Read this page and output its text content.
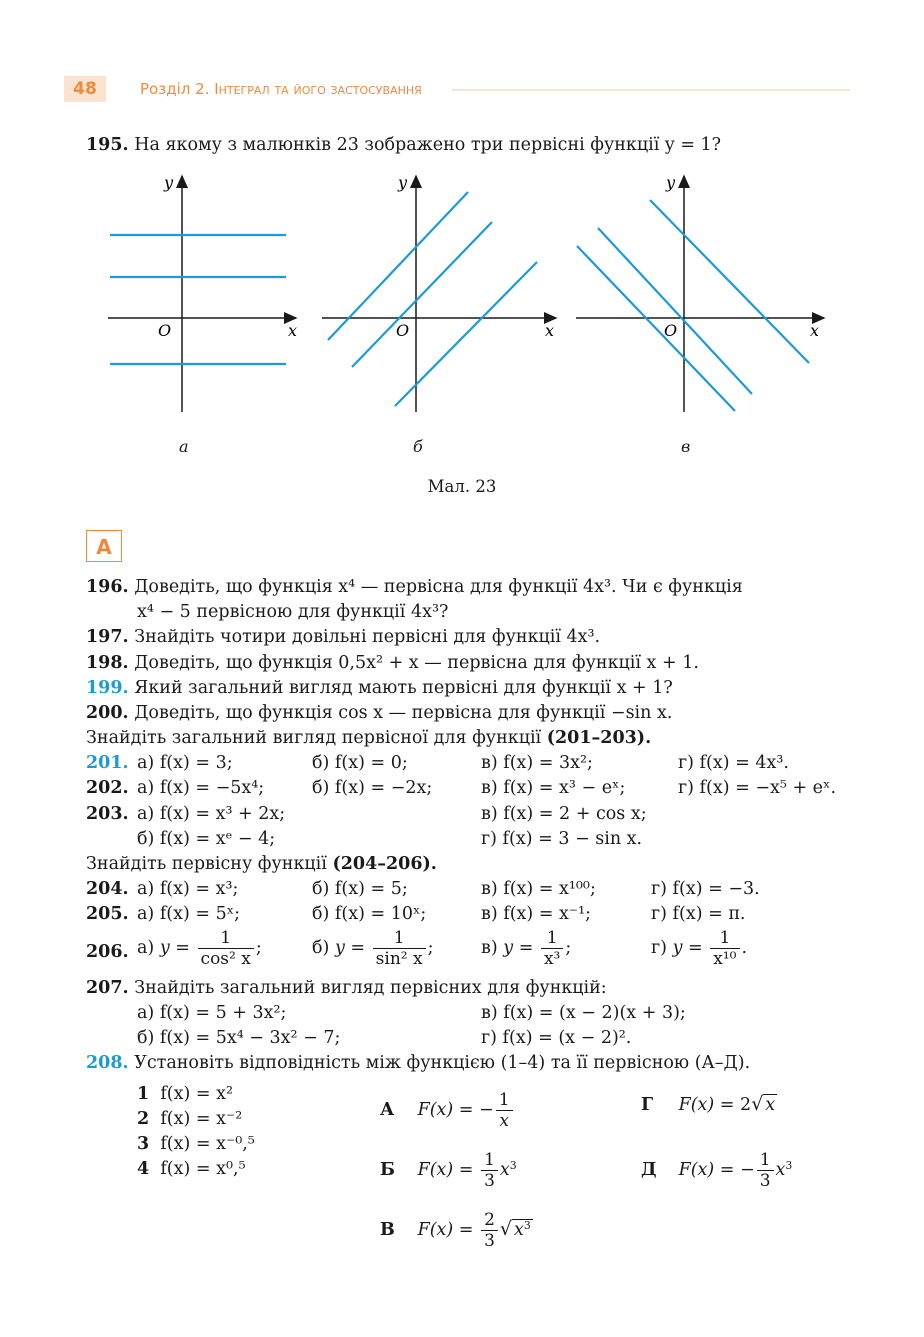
48	Розділ 2. Інтеграл та його застосування
195. На якому з малюнків 23 зображено три первісні функції y = 1?
y
x
O
y
x
O
y
x
O
а	б	в
Мал. 23
А
196. Доведіть, що функція x⁴ — первісна для функції 4x³. Чи є функція
x⁴ − 5 первісною для функції 4x³?
197. Знайдіть чотири довільні первісні для функції 4x³.
198. Доведіть, що функція 0,5x² + x — первісна для функції x + 1.
199. Який загальний вигляд мають первісні для функції x + 1?
200. Доведіть, що функція cos x — первісна для функції −sin x.
Знайдіть загальний вигляд первісної для функції (201–203).
201. а) f(x) = 3;	б) f(x) = 0;	в) f(x) = 3x²;	г) f(x) = 4x³.
202. а) f(x) = −5x⁴;	б) f(x) = −2x;	в) f(x) = x³ − eˣ;	г) f(x) = −x⁵ + eˣ.
203. а) f(x) = x³ + 2x;	в) f(x) = 2 + cos x;
б) f(x) = xᵉ − 4;	г) f(x) = 3 − sin x.
Знайдіть первісну функції (204–206).
204. а) f(x) = x³;	б) f(x) = 5;	в) f(x) = x¹⁰⁰;	г) f(x) = −3.
205. а) f(x) = 5ˣ;	б) f(x) = 10ˣ;	в) f(x) = x⁻¹;	г) f(x) = π.
206. а) $y = \frac{1}{\text{cos² x}}$ ;	б) $y = \frac{1}{\text{sin² x}}$ ;	в) $y = \frac{1}{\text{x³}}$ ;	г) $y = \frac{1}{\text{x¹⁰}}$ .
207. Знайдіть загальний вигляд первісних для функцій:
а) f(x) = 5 + 3x²;	в) f(x) = (x − 2)(x + 3);
б) f(x) = 5x⁴ − 3x² − 7;	г) f(x) = (x − 2)².
208. Установіть відповідність між функцією (1–4) та її первісною (А–Д).
1 f(x) = x²
2 f(x) = x⁻²
3 f(x) = x⁻⁰,⁵
4 f(x) = x⁰,⁵
А F(x) = − $\frac{1}{x}$
Б $F(x) = \frac{1}{3} x^3$
В $F(x) = \frac{2}{3}$ √ $x^3$
Г F(x) = 2√ x
Д F(x) = − $\frac{1}{3} x^3$
